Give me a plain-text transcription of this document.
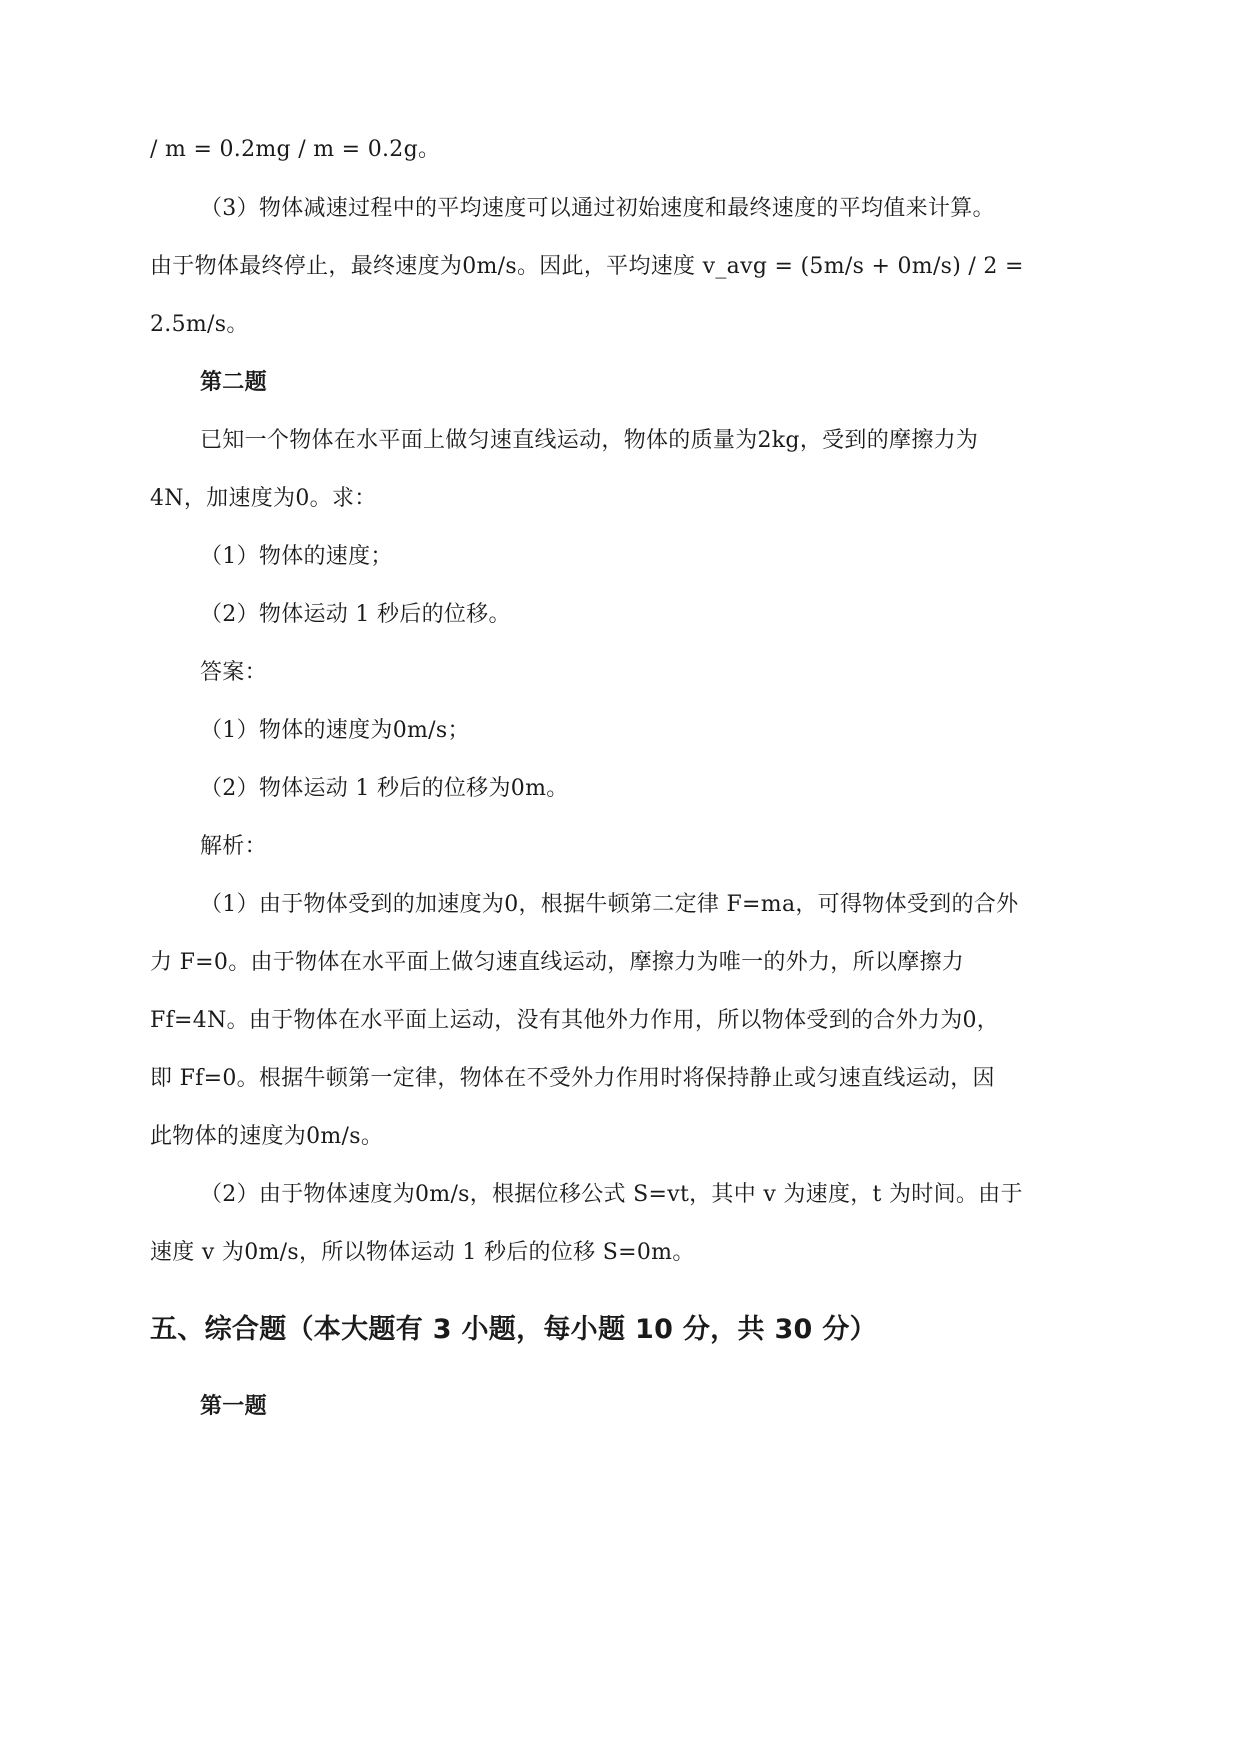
/ m = 0.2mg / m = 0.2g。
（3）物体减速过程中的平均速度可以通过初始速度和最终速度的平均值来计算。
由于物体最终停止，最终速度为0m/s。因此，平均速度 v_avg = (5m/s + 0m/s) / 2 =
2.5m/s。
第二题
已知一个物体在水平面上做匀速直线运动，物体的质量为2kg，受到的摩擦力为
4N，加速度为0。求：
（1）物体的速度；
（2）物体运动 1 秒后的位移。
答案：
（1）物体的速度为0m/s；
（2）物体运动 1 秒后的位移为0m。
解析：
（1）由于物体受到的加速度为0，根据牛顿第二定律 F=ma，可得物体受到的合外
力 F=0。由于物体在水平面上做匀速直线运动，摩擦力为唯一的外力，所以摩擦力
Ff=4N。由于物体在水平面上运动，没有其他外力作用，所以物体受到的合外力为0，
即 Ff=0。根据牛顿第一定律，物体在不受外力作用时将保持静止或匀速直线运动，因
此物体的速度为0m/s。
（2）由于物体速度为0m/s，根据位移公式 S=vt，其中 v 为速度，t 为时间。由于
速度 v 为0m/s，所以物体运动 1 秒后的位移 S=0m。
五、综合题（本大题有 3 小题，每小题 10 分，共 30 分）
第一题
